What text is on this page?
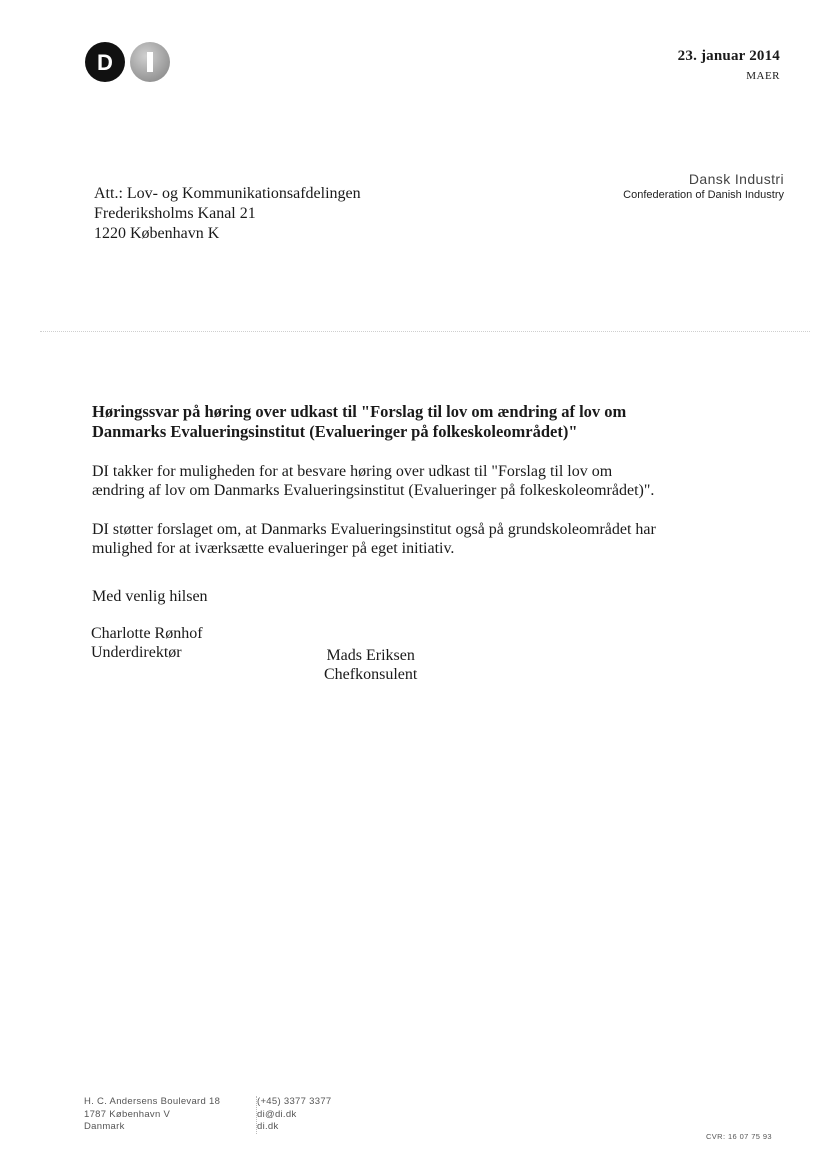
D	23. januar 2014
MAER
Dansk Industri
Confederation of Danish Industry
Att.: Lov- og Kommunikationsafdelingen
Frederiksholms Kanal 21
1220 København K
Høringssvar på høring over udkast til "Forslag til lov om ændring af lov om
Danmarks Evalueringsinstitut (Evalueringer på folkeskoleområdet)"
DI takker for muligheden for at besvare høring over udkast til "Forslag til lov om
ændring af lov om Danmarks Evalueringsinstitut (Evalueringer på folkeskoleområdet)".
DI støtter forslaget om, at Danmarks Evalueringsinstitut også på grundskoleområdet har
mulighed for at iværksætte evalueringer på eget initiativ.
Med venlig hilsen
Charlotte Rønhof
Underdirektør	Mads Eriksen
Chefkonsulent
H. C. Andersens Boulevard 18
1787 København V
Danmark
(+45) 3377 3377
di@di.dk
di.dk
CVR: 16 07 75 93
